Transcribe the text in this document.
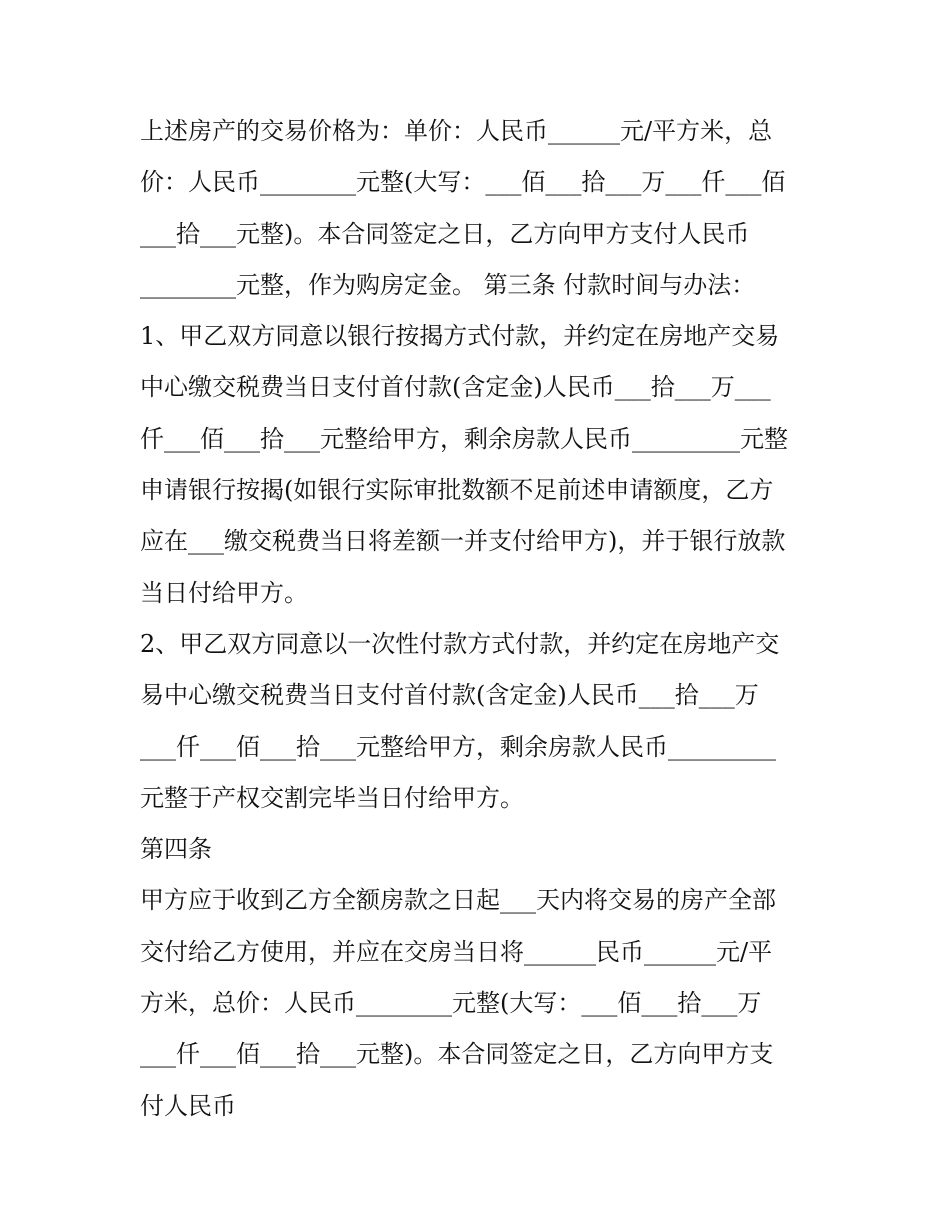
上述房产的交易价格为：单价：人民币______元/平方米，总
价：人民币________元整(大写：___佰___拾___万___仟___佰
___拾___元整)。本合同签定之日，乙方向甲方支付人民币
________元整，作为购房定金。 第三条 付款时间与办法：
1、甲乙双方同意以银行按揭方式付款，并约定在房地产交易
中心缴交税费当日支付首付款(含定金)人民币___拾___万___
仟___佰___拾___元整给甲方，剩余房款人民币_________元整
申请银行按揭(如银行实际审批数额不足前述申请额度，乙方
应在___缴交税费当日将差额一并支付给甲方)，并于银行放款
当日付给甲方。
2、甲乙双方同意以一次性付款方式付款，并约定在房地产交
易中心缴交税费当日支付首付款(含定金)人民币___拾___万
___仟___佰___拾___元整给甲方，剩余房款人民币_________
元整于产权交割完毕当日付给甲方。
第四条
甲方应于收到乙方全额房款之日起___天内将交易的房产全部
交付给乙方使用，并应在交房当日将______民币______元/平
方米，总价：人民币________元整(大写：___佰___拾___万
___仟___佰___拾___元整)。本合同签定之日，乙方向甲方支
付人民币
